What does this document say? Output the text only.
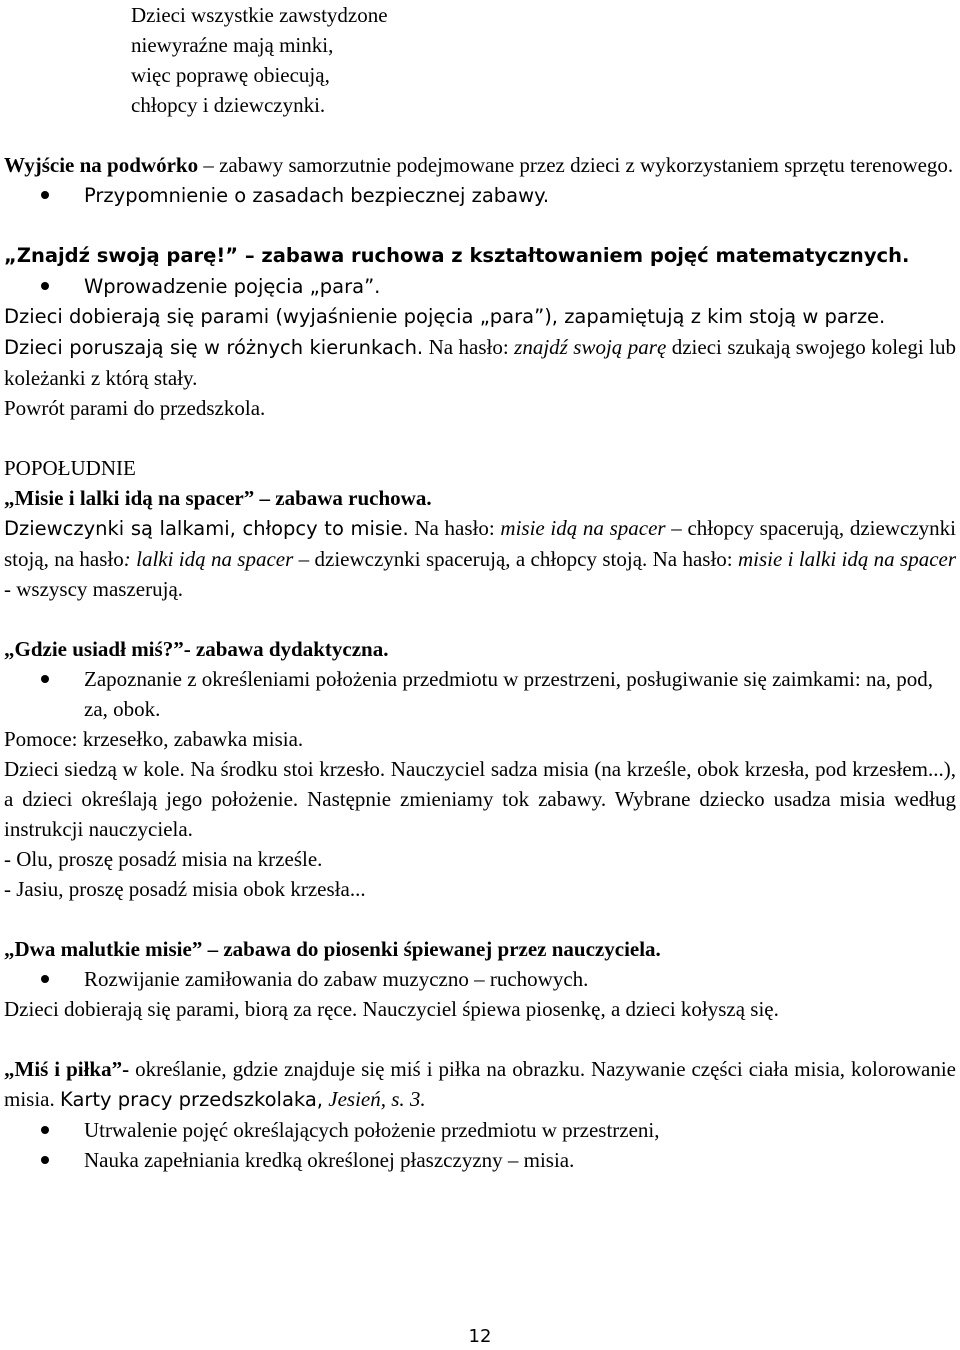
Dzieci wszystkie zawstydzone

niewyraźne mają minki,

więc poprawę obiecują,

chłopcy i dziewczynki.

Wyjście na podwórko – zabawy samorzutnie podejmowane przez dzieci z wykorzystaniem sprzętu terenowego.

Przypomnienie o zasadach bezpiecznej zabawy.

„Znajdź swoją parę!” – zabawa ruchowa z kształtowaniem pojęć matematycznych.

Wprowadzenie pojęcia „para”.

Dzieci dobierają się parami (wyjaśnienie pojęcia „para”), zapamiętują z kim stoją w parze.

Dzieci poruszają się w różnych kierunkach. Na hasło: znajdź swoją parę dzieci szukają swojego kolegi lub koleżanki z którą stały.

Powrót parami do przedszkola.

POPOŁUDNIE

„Misie i lalki idą na spacer” – zabawa ruchowa.

Dziewczynki są lalkami, chłopcy to misie. Na hasło: misie idą na spacer – chłopcy spacerują, dziewczynki stoją, na hasło: lalki idą na spacer – dziewczynki spacerują, a chłopcy stoją. Na hasło: misie i lalki idą na spacer - wszyscy maszerują.

„Gdzie usiadł miś?”- zabawa dydaktyczna.

Zapoznanie z określeniami położenia przedmiotu w przestrzeni, posługiwanie się zaimkami: na, pod, za, obok.

Pomoce: krzesełko, zabawka misia.

Dzieci siedzą w kole. Na środku stoi krzesło. Nauczyciel sadza misia (na krześle, obok krzesła, pod krzesłem...), a dzieci określają jego położenie. Następnie zmieniamy tok zabawy. Wybrane dziecko usadza misia według instrukcji nauczyciela.

- Olu, proszę posadź misia na krześle.

- Jasiu, proszę posadź misia obok krzesła...

„Dwa malutkie misie” – zabawa do piosenki śpiewanej przez nauczyciela.

Rozwijanie zamiłowania do zabaw muzyczno – ruchowych.

Dzieci dobierają się parami, biorą za ręce. Nauczyciel śpiewa piosenkę, a dzieci kołyszą się.

„Miś i piłka”- określanie, gdzie znajduje się miś i piłka na obrazku. Nazywanie części ciała misia, kolorowanie misia. Karty pracy przedszkolaka, Jesień, s. 3.

Utrwalenie pojęć określających położenie przedmiotu w przestrzeni,
Nauka zapełniania kredką określonej płaszczyzny – misia.
12
